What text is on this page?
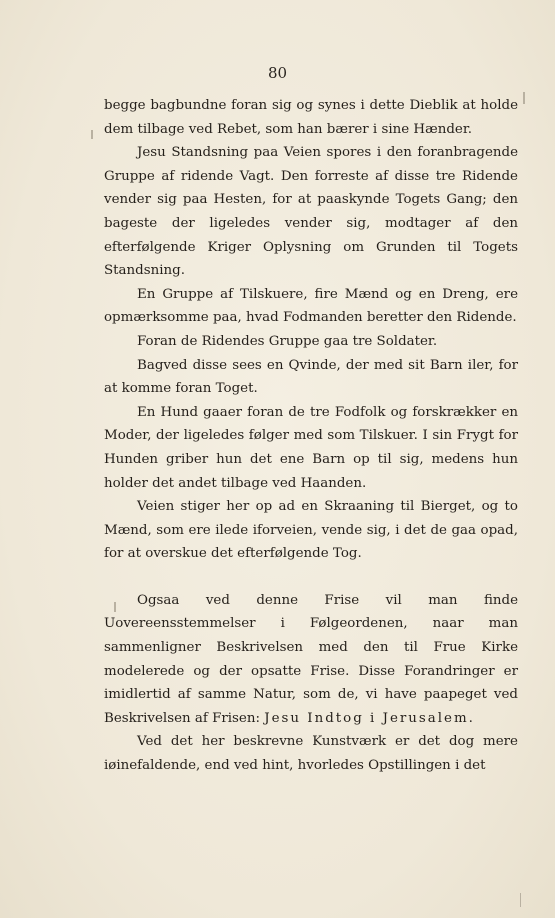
80

begge bagbundne foran sig og synes i dette Dieblik at holde dem tilbage ved Rebet, som han bærer i sine Hænder.

Jesu Standsning paa Veien spores i den foranbragende Gruppe af ridende Vagt. Den forreste af disse tre Ridende vender sig paa Hesten, for at paaskynde Togets Gang; den bageste der ligeledes vender sig, modtager af den efterfølgende Kriger Oplysning om Grunden til Togets Standsning.

En Gruppe af Tilskuere, fire Mænd og en Dreng, ere opmærksomme paa, hvad Fodmanden beretter den Ridende.

Foran de Ridendes Gruppe gaa tre Soldater.

Bagved disse sees en Qvinde, der med sit Barn iler, for at komme foran Toget.

En Hund gaaer foran de tre Fodfolk og forskrækker en Moder, der ligeledes følger med som Tilskuer. I sin Frygt for Hunden griber hun det ene Barn op til sig, medens hun holder det andet tilbage ved Haanden.

Veien stiger her op ad en Skraaning til Bierget, og to Mænd, som ere ilede iforveien, vende sig, i det de gaa opad, for at overskue det efterfølgende Tog.

Ogsaa ved denne Frise vil man finde Uovereensstemmelser i Følgeordenen, naar man sammenligner Beskrivelsen med den til Frue Kirke modelerede og der opsatte Frise. Disse Forandringer er imidlertid af samme Natur, som de, vi have paapeget ved Beskrivelsen af Frisen: Jesu Indtog i Jerusalem.

Ved det her beskrevne Kunstværk er det dog mere iøinefaldende, end ved hint, hvorledes Opstillingen i det
